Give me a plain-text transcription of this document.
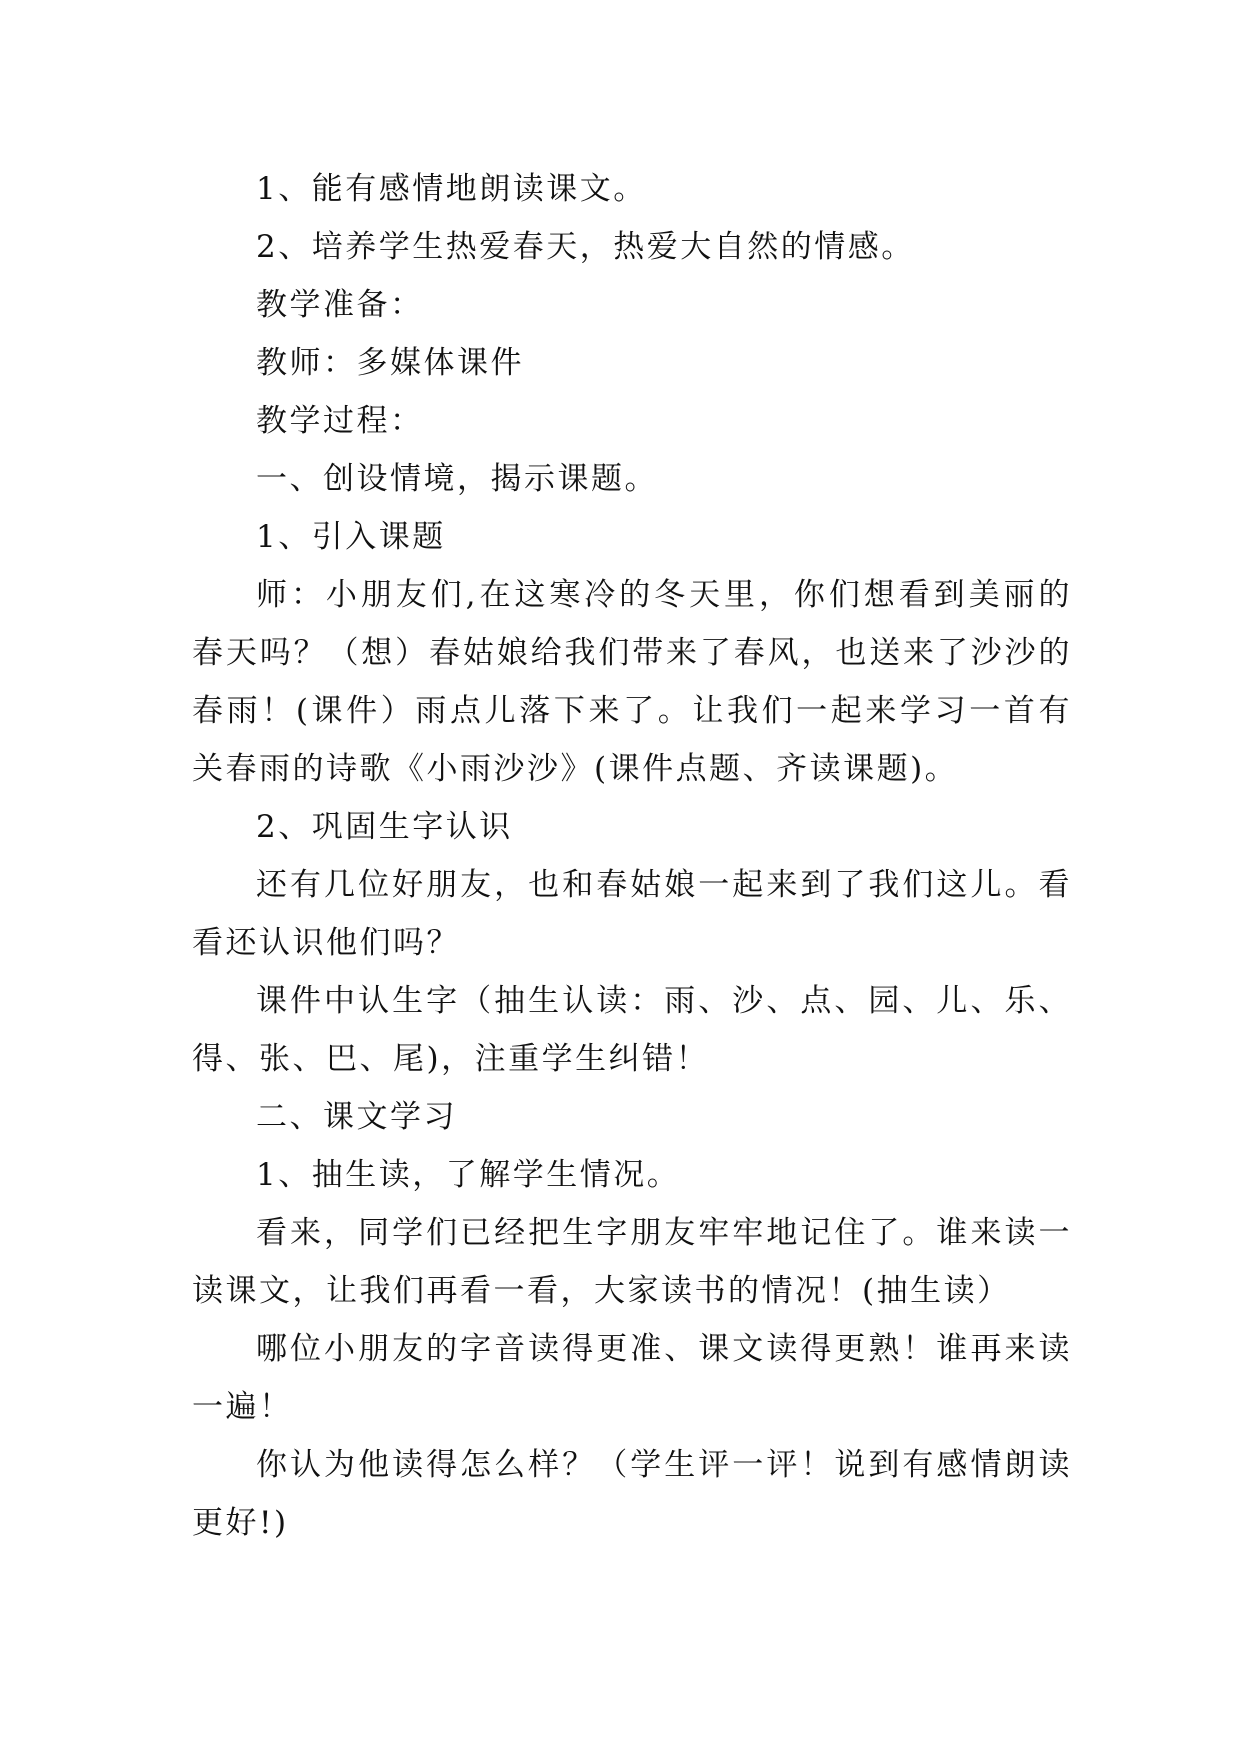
1、能有感情地朗读课文。

2、培养学生热爱春天，热爱大自然的情感。

教学准备：

教师：多媒体课件

教学过程：

一、创设情境，揭示课题。

1、引入课题

师：小朋友们,在这寒冷的冬天里，你们想看到美丽的春天吗？（想）春姑娘给我们带来了春风，也送来了沙沙的春雨！(课件）雨点儿落下来了。让我们一起来学习一首有关春雨的诗歌《小雨沙沙》(课件点题、齐读课题)。

2、巩固生字认识

还有几位好朋友，也和春姑娘一起来到了我们这儿。看看还认识他们吗？

课件中认生字（抽生认读：雨、沙、点、园、儿、乐、得、张、巴、尾)，注重学生纠错！

二、课文学习

1、抽生读，了解学生情况。

看来，同学们已经把生字朋友牢牢地记住了。谁来读一读课文，让我们再看一看，大家读书的情况！(抽生读）

哪位小朋友的字音读得更准、课文读得更熟！谁再来读一遍！

你认为他读得怎么样？（学生评一评！说到有感情朗读更好!)
